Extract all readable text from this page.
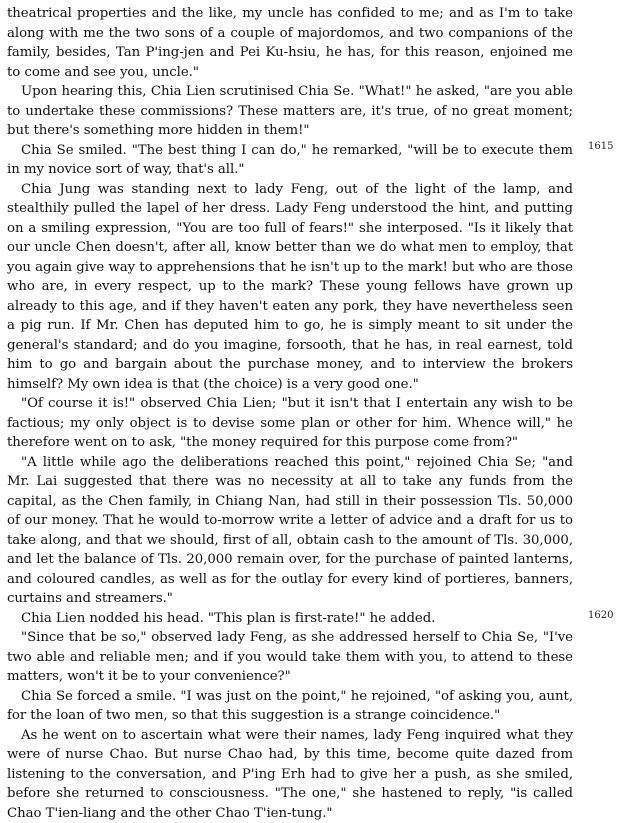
theatrical properties and the like, my uncle has confided to me; and as I'm to take along with me the two sons of a couple of majordomos, and two companions of the family, besides, Tan P'ing-jen and Pei Ku-hsiu, he has, for this reason, enjoined me to come and see you, uncle."

Upon hearing this, Chia Lien scrutinised Chia Se. "What!" he asked, "are you able to undertake these commissions? These matters are, it's true, of no great moment; but there's something more hidden in them!"

Chia Se smiled. "The best thing I can do," he remarked, "will be to execute them in my novice sort of way, that's all."

Chia Jung was standing next to lady Feng, out of the light of the lamp, and stealthily pulled the lapel of her dress. Lady Feng understood the hint, and putting on a smiling expression, "You are too full of fears!" she interposed. "Is it likely that our uncle Chen doesn't, after all, know better than we do what men to employ, that you again give way to apprehensions that he isn't up to the mark! but who are those who are, in every respect, up to the mark? These young fellows have grown up already to this age, and if they haven't eaten any pork, they have nevertheless seen a pig run. If Mr. Chen has deputed him to go, he is simply meant to sit under the general's standard; and do you imagine, forsooth, that he has, in real earnest, told him to go and bargain about the purchase money, and to interview the brokers himself? My own idea is that (the choice) is a very good one."

"Of course it is!" observed Chia Lien; "but it isn't that I entertain any wish to be factious; my only object is to devise some plan or other for him. Whence will," he therefore went on to ask, "the money required for this purpose come from?"

"A little while ago the deliberations reached this point," rejoined Chia Se; "and Mr. Lai suggested that there was no necessity at all to take any funds from the capital, as the Chen family, in Chiang Nan, had still in their possession Tls. 50,000 of our money. That he would to-morrow write a letter of advice and a draft for us to take along, and that we should, first of all, obtain cash to the amount of Tls. 30,000, and let the balance of Tls. 20,000 remain over, for the purchase of painted lanterns, and coloured candles, as well as for the outlay for every kind of portieres, banners, curtains and streamers."

Chia Lien nodded his head. "This plan is first-rate!" he added.

"Since that be so," observed lady Feng, as she addressed herself to Chia Se, "I've two able and reliable men; and if you would take them with you, to attend to these matters, won't it be to your convenience?"

Chia Se forced a smile. "I was just on the point," he rejoined, "of asking you, aunt, for the loan of two men, so that this suggestion is a strange coincidence."

As he went on to ascertain what were their names, lady Feng inquired what they were of nurse Chao. But nurse Chao had, by this time, become quite dazed from listening to the conversation, and P'ing Erh had to give her a push, as she smiled, before she returned to consciousness. "The one," she hastened to reply, "is called Chao T'ien-liang and the other Chao T'ien-tung."

1615
1620
